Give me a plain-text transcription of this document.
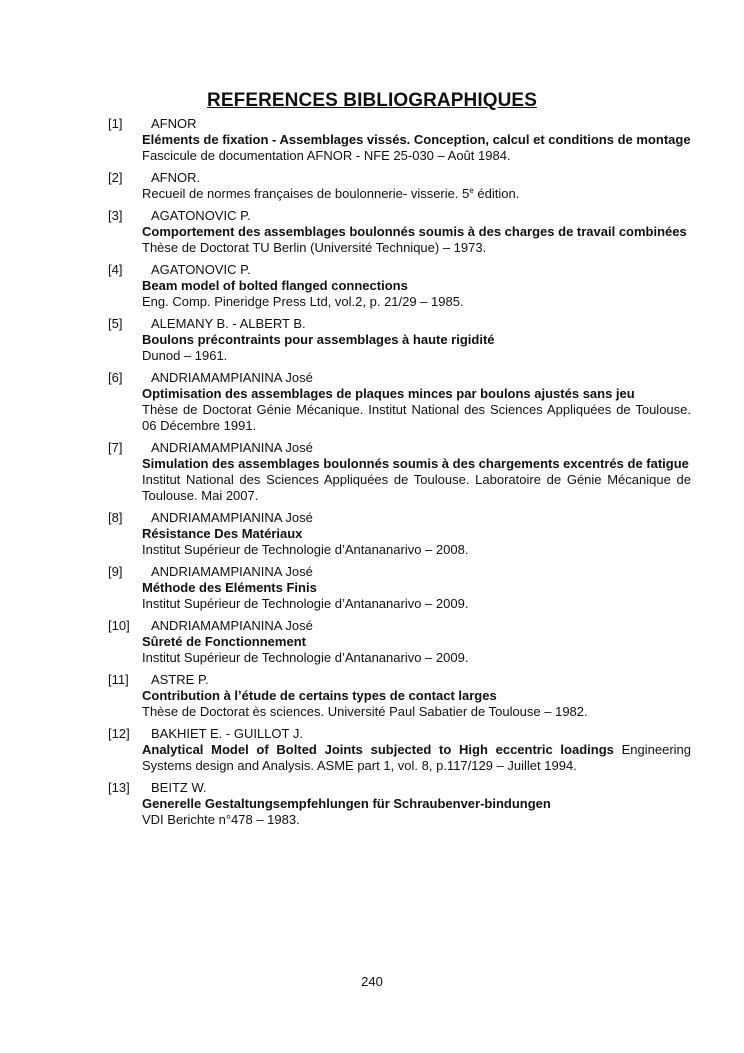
REFERENCES BIBLIOGRAPHIQUES
[1]	AFNOR
Eléments de fixation - Assemblages vissés. Conception, calcul et conditions de montage
Fascicule de documentation AFNOR - NFE 25-030 – Août 1984.
[2]	AFNOR.
Recueil de normes françaises de boulonnerie- visserie. 5e édition.
[3]	AGATONOVIC P.
Comportement des assemblages boulonnés soumis à des charges de travail combinées
Thèse de Doctorat TU Berlin (Université Technique) – 1973.
[4]	AGATONOVIC P.
Beam model of bolted flanged connections
Eng. Comp. Pineridge Press Ltd, vol.2, p. 21/29 – 1985.
[5]	ALEMANY B. - ALBERT B.
Boulons précontraints pour assemblages à haute rigidité
Dunod – 1961.
[6]	ANDRIAMAMPIANINA José
Optimisation des assemblages de plaques minces par boulons ajustés sans jeu
Thèse de Doctorat Génie Mécanique. Institut National des Sciences Appliquées de Toulouse. 06 Décembre 1991.
[7]	ANDRIAMAMPIANINA José
Simulation des assemblages boulonnés soumis à des chargements excentrés de fatigue
Institut National des Sciences Appliquées de Toulouse. Laboratoire de Génie Mécanique de Toulouse. Mai 2007.
[8]	ANDRIAMAMPIANINA José
Résistance Des Matériaux
Institut Supérieur de Technologie d’Antananarivo – 2008.
[9]	ANDRIAMAMPIANINA José
Méthode des Eléments Finis
Institut Supérieur de Technologie d’Antananarivo – 2009.
[10]	ANDRIAMAMPIANINA José
Sûreté de Fonctionnement
Institut Supérieur de Technologie d’Antananarivo – 2009.
[11]	ASTRE P.
Contribution à l’étude de certains types de contact larges
Thèse de Doctorat ès sciences. Université Paul Sabatier de Toulouse – 1982.
[12]	BAKHIET E. - GUILLOT J.
Analytical Model of Bolted Joints subjected to High eccentric loadings Engineering Systems design and Analysis. ASME part 1, vol. 8, p.117/129 – Juillet 1994.
[13]	BEITZ W.
Generelle Gestaltungsempfehlungen für Schraubenver-bindungen
VDI Berichte n°478 – 1983.
240
